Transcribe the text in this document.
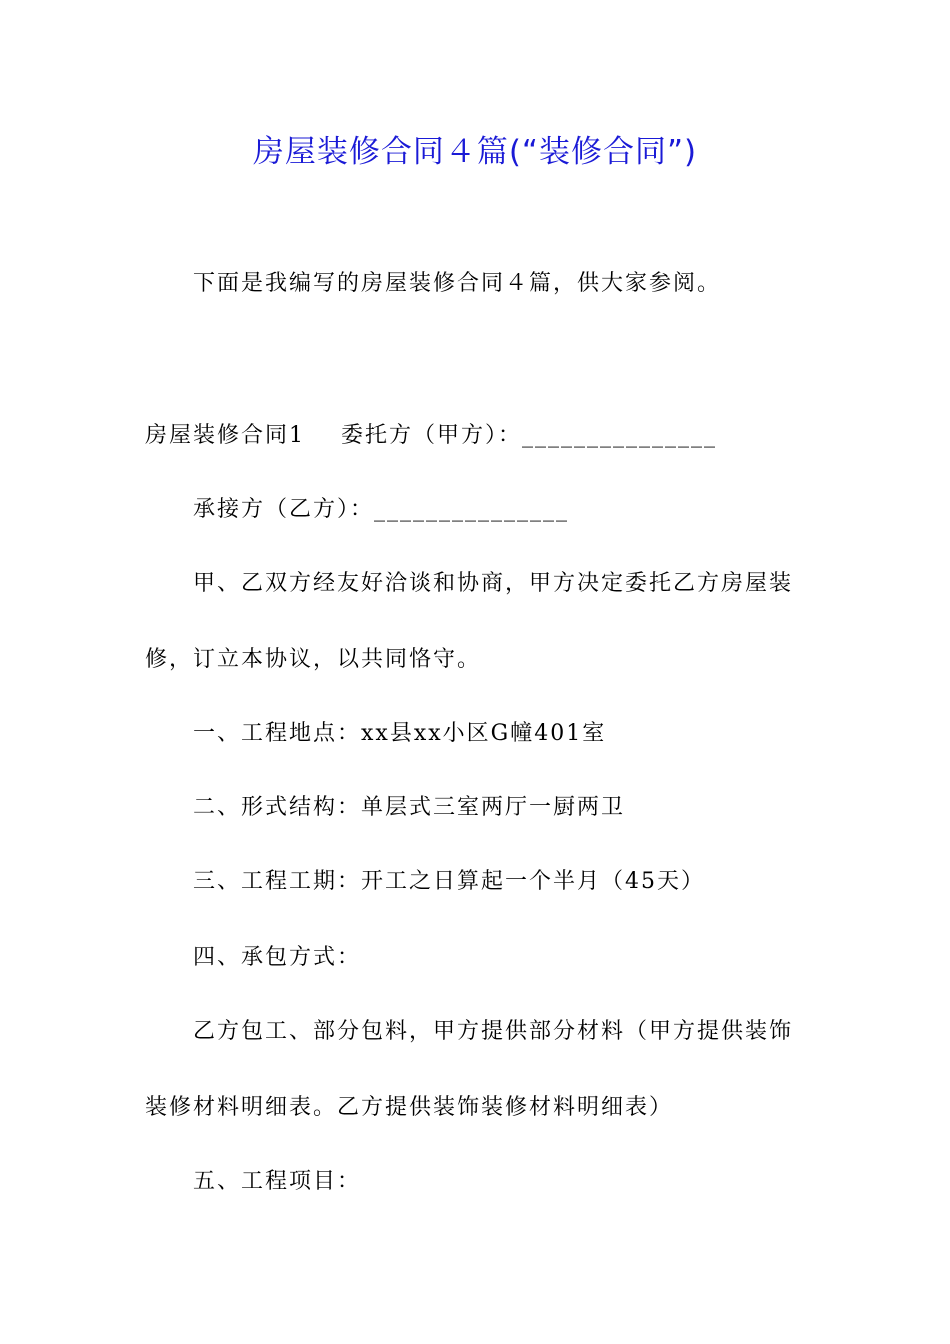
房屋装修合同４篇(“装修合同”)
下面是我编写的房屋装修合同４篇，供大家参阅。
房屋装修合同1 委托方（甲方）：_______________
承接方（乙方）：_______________
甲、乙双方经友好洽谈和协商，甲方决定委托乙方房屋装
修，订立本协议，以共同恪守。
一、工程地点：xx县xx小区G幢401室
二、形式结构：单层式三室两厅一厨两卫
三、工程工期：开工之日算起一个半月（45天）
四、承包方式：
乙方包工、部分包料，甲方提供部分材料（甲方提供装饰
装修材料明细表。乙方提供装饰装修材料明细表）
五、工程项目：
